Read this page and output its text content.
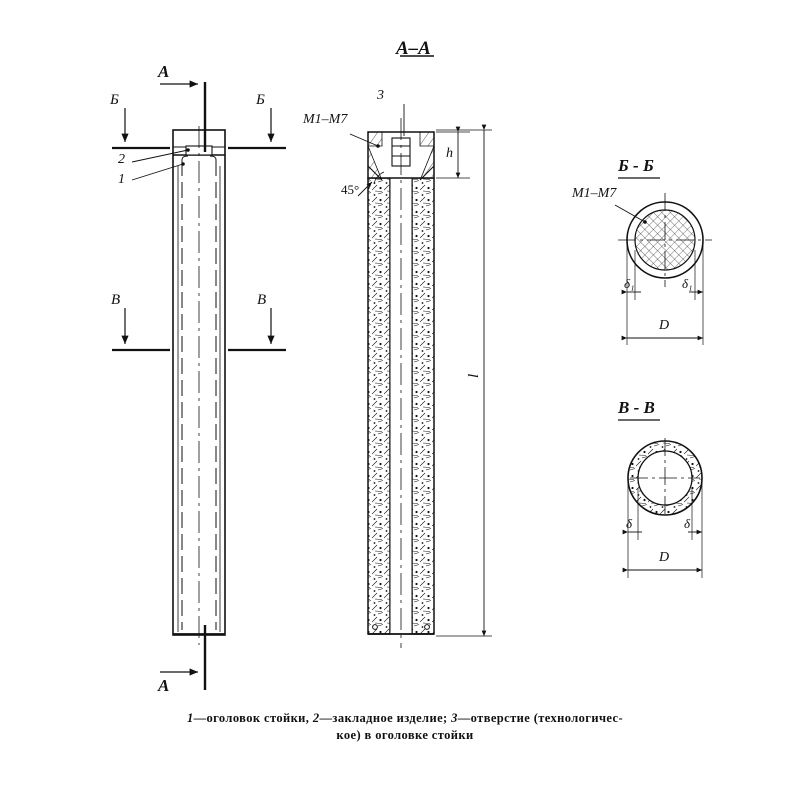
A
A
Б	Б
В	В
2
1
А–А
3
М1–М7
45°
h
l
Б - Б
М1–М7
δ₁	δ₁
D
В - В
δ	δ
D
1—оголовок стойки, 2—закладное изделие; 3—отверстие (технологичес-
кое) в оголовке стойки
